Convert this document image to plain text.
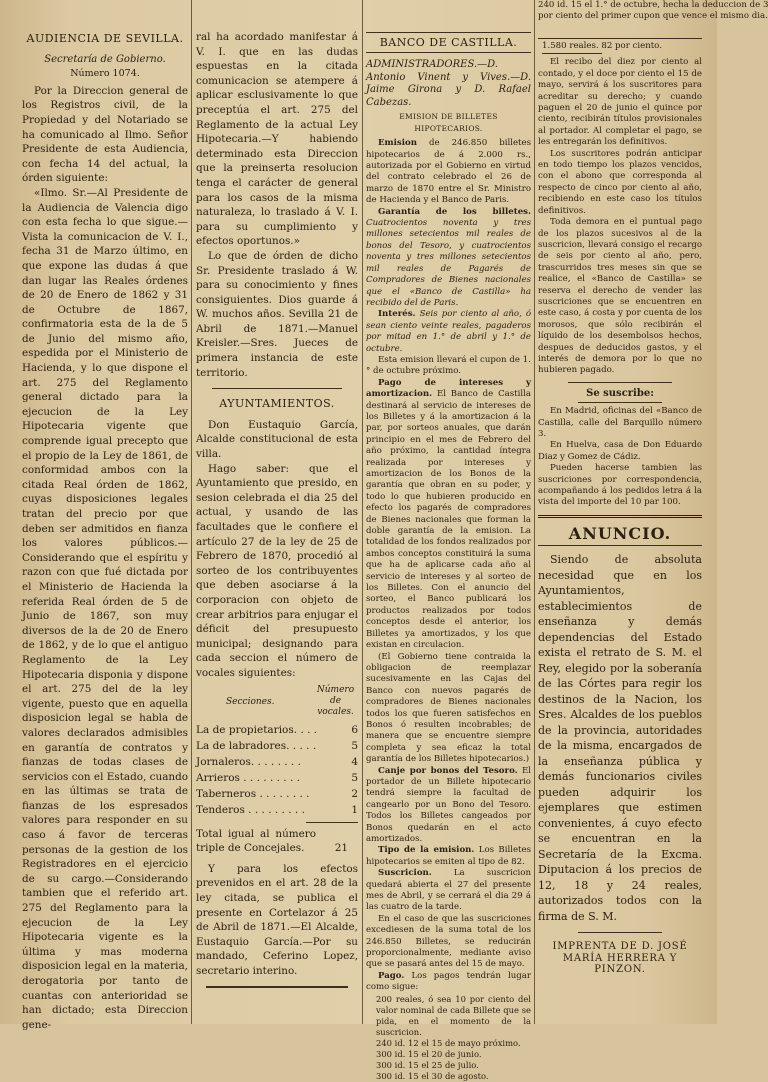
240 id. 15 el 1.° de octubre, hecha la deduccion de 3
por ciento del primer cupon que vence el mismo dia.
AUDIENCIA DE SEVILLA.
Secretaría de Gobierno.
Número 1074.

Por la Direccion general de los Registros civil, de la Propiedad y del Notariado se ha comunicado al Ilmo. Señor Presidente de esta Audiencia, con fecha 14 del actual, la órden siguiente:

«Ilmo. Sr.—Al Presidente de la Audiencia de Valencia digo con esta fecha lo que sigue.—Vista la comunicacion de V. I., fecha 31 de Marzo último, en que expone las dudas á que dan lugar las Reales órdenes de 20 de Enero de 1862 y 31 de Octubre de 1867, confirmatoria esta de la de 5 de Junio del mismo año, espedida por el Ministerio de Hacienda, y lo que dispone el art. 275 del Reglamento general dictado para la ejecucion de la Ley Hipotecaria vigente que comprende igual precepto que el propio de la Ley de 1861, de conformidad ambos con la citada Real órden de 1862, cuyas disposiciones legales tratan del precio por que deben ser admitidos en fianza los valores públicos.—Considerando que el espíritu y razon con que fué dictada por el Ministerio de Hacienda la referida Real órden de 5 de Junio de 1867, son muy diversos de la de 20 de Enero de 1862, y de lo que el antiguo Reglamento de la Ley Hipotecaria disponia y dispone el art. 275 del de la ley vigente, puesto que en aquella disposicion legal se habla de valores declarados admisibles en garantía de contratos y fianzas de todas clases de servicios con el Estado, cuando en las últimas se trata de fianzas de los espresados valores para responder en su caso á favor de terceras personas de la gestion de los Registradores en el ejercicio de su cargo.—Considerando tambien que el referido art. 275 del Reglamento para la ejecucion de la Ley Hipotecaria vigente es la última y mas moderna disposicion legal en la materia, derogatoria por tanto de cuantas con anterioridad se han dictado; esta Direccion gene-

ral ha acordado manifestar á V. I. que en las dudas espuestas en la citada comunicacion se atempere á aplicar esclusivamente lo que preceptúa el art. 275 del Reglamento de la actual Ley Hipotecaria.—Y habiendo determinado esta Direccion que la preinserta resolucion tenga el carácter de general para los casos de la misma naturaleza, lo traslado á V. I. para su cumplimiento y efectos oportunos.»

Lo que de órden de dicho Sr. Presidente traslado á W. para su conocimiento y fines consiguientes. Dios guarde á W. muchos años. Sevilla 21 de Abril de 1871.—Manuel Kreisler.—Sres. Jueces de primera instancia de este territorio.

AYUNTAMIENTOS.

Don Eustaquio García, Alcalde constitucional de esta villa.

Hago saber: que el Ayuntamiento que presido, en sesion celebrada el dia 25 del actual, y usando de las facultades que le confiere el artículo 27 de la ley de 25 de Febrero de 1870, procedió al sorteo de los contribuyentes que deben asociarse á la corporacion con objeto de crear arbitrios para enjugar el déficit del presupuesto municipal; designando para cada seccion el número de vocales siguientes:

Secciones.
Número de vocales.
La de propietarios. . . .	6
La de labradores. . . . .	5
Jornaleros. . . . . . . .	4
Arrieros . . . . . . . . .	5
Taberneros . . . . . . . .	2
Tenderos . . . . . . . . .	1
Total igual al número triple de Concejales.	21

Y para los efectos prevenidos en el art. 28 de la ley citada, se publica el presente en Cortelazor á 25 de Abril de 1871.—El Alcalde, Eustaquio García.—Por su mandado, Ceferino Lopez, secretario interino.

BANCO DE CASTILLA.

ADMINISTRADORES.—D. Antonio Vinent y Vives.—D. Jaime Girona y D. Rafael Cabezas.

EMISION DE BILLETES HIPOTECARIOS.

Emision de 246.850 billetes hipotecarios de á 2.000 rs., autorizada por el Gobierno en virtud del contrato celebrado el 26 de marzo de 1870 entre el Sr. Ministro de Hacienda y el Banco de Paris.

Garantía de los billetes. Cuatrocientos noventa y tres millones setecientos mil reales de bonos del Tesoro, y cuatrocientos noventa y tres millones setecientos mil reales de Pagarés de Compradores de Bienes nacionales que el «Banco de Castilla» ha recibido del de Paris.

Interés. Seis por ciento al año, ó sean ciento veinte reales, pagaderos por mitad en 1.° de abril y 1.° de octubre.

Esta emision llevará el cupon de 1.° de octubre próximo.

Pago de intereses y amortizacion. El Banco de Castilla destinará al servicio de intereses de los Billetes y á la amortizacion á la par, por sorteos anuales, que darán principio en el mes de Febrero del año próximo, la cantidad íntegra realizada por intereses y amortizacion de los Bonos de la garantía que obran en su poder, y todo lo que hubieren producido en efecto los pagarés de compradores de Bienes nacionales que forman la doble garantía de la emision. La totalidad de los fondos realizados por ambos conceptos constituirá la suma que ha de aplicarse cada año al servicio de intereses y al sorteo de los Billetes. Con el anuncio del sorteo, el Banco publicará los productos realizados por todos conceptos desde el anterior, los Billetes ya amortizados, y los que existan en circulacion.

(El Gobierno tiene contraida la obligacion de reemplazar sucesivamente en las Cajas del Banco con nuevos pagarés de compradores de Bienes nacionales todos los que fueren satisfechos en Bonos ó resulten incobrables; de manera que se encuentre siempre completa y sea eficaz la total garantía de los Billetes hipotecarios.)

Canje por bonos del Tesoro. El portador de un Billete hipotecario tendrá siempre la facultad de cangearlo por un Bono del Tesoro. Todos los Billetes cangeados por Bonos quedarán en el acto amortizados.

Tipo de la emision. Los Billetes hipotecarios se emiten al tipo de 82.

Suscricion.	La suscricion quedará abierta el 27 del presente mes de Abril, y se cerrará el dia 29 á las cuatro de la tarde.

En el caso de que las suscriciones excediesen de la suma total de los 246.850 Billetes, se reducirán proporcionalmente, mediante aviso que se pasará antes del 15 de mayo.

Pago. Los pagos tendrán lugar como sigue:

200 reales, ó sea 10 por ciento del valor nominal de cada Billete que se pida, en el momento de la suscricion.
240 id. 12 el 15 de mayo próximo.
300 id. 15 el 20 de junio.
300 id. 15 el 25 de julio.
300 id. 15 el 30 de agosto.

1.580 reales. 82 por ciento.

El recibo del diez por ciento al contado, y el doce por ciento el 15 de mayo, servirá á los suscritores para acreditar su derecho; y cuando paguen el 20 de junio el quince por ciento, recibirán títulos provisionales al portador. Al completar el pago, se les entregarán los definitivos.

Los suscritores podrán anticipar en todo tiempo los plazos vencidos, con el abono que corresponda al respecto de cinco por ciento al año, recibiendo en este caso los títulos definitivos.

Toda demora en el puntual pago de los plazos sucesivos al de la suscricion, llevará consigo el recargo de seis por ciento al año, pero, trascurridos tres meses sin que se realice, el «Banco de Castilla» se reserva el derecho de vender las suscriciones que se encuentren en este caso, á costa y por cuenta de los morosos, que sólo recibirán el líquido de los desembolsos hechos, despues de deducidos gastos, y el interés de demora por lo que no hubieren pagado.

Se suscribe:

En Madrid, oficinas del «Banco de Castilla, calle del Barquillo número 3.

En Huelva, casa de Don Eduardo Diaz y Gomez de Cádiz.

Pueden hacerse tambien las suscriciones por correspondencia, acompañando á los pedidos letra á la vista del importe del 10 par 100.

ANUNCIO.

Siendo de absoluta necesidad que en los Ayuntamientos, establecimientos de enseñanza y demás dependencias del Estado exista el retrato de S. M. el Rey, elegido por la soberanía de las Córtes para regir los destinos de la Nacion, los Sres. Alcaldes de los pueblos de la provincia, autoridades de la misma, encargados de la enseñanza pública y demás funcionarios civiles pueden adquirir los ejemplares que estimen convenientes, á cuyo efecto se encuentran en la Secretaría de la Excma. Diputacion á los precios de 12, 18 y 24 reales, autorizados todos con la firma de S. M.

IMPRENTA DE D. JOSÉ MARÍA HERRERA Y PINZON.
